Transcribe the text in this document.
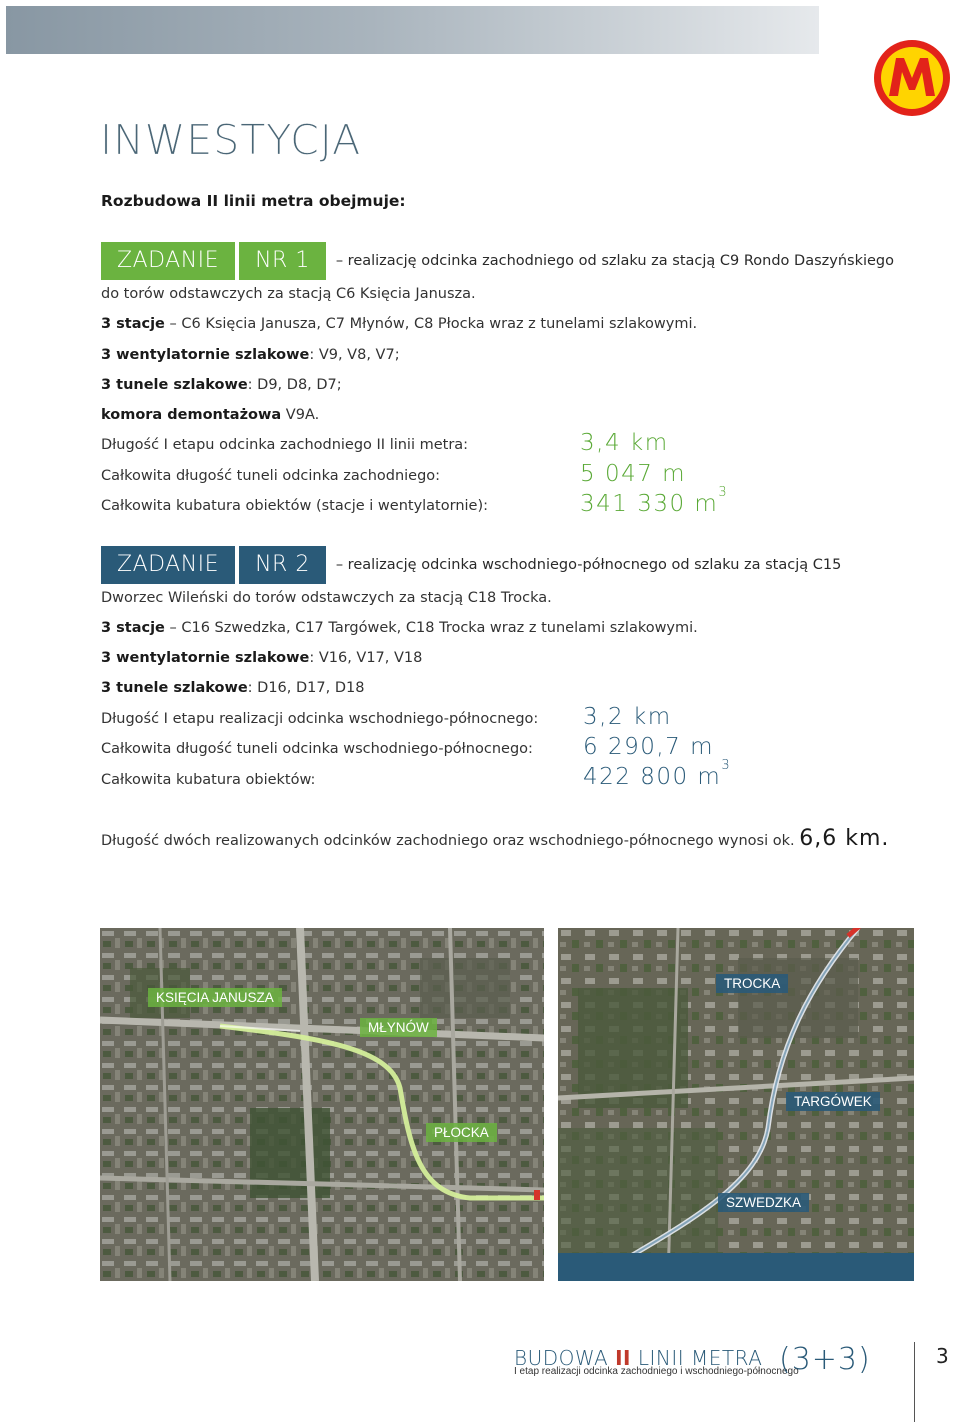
INWESTYCJA
Rozbudowa II linii metra obejmuje:
ZADANIE	NR 1	– realizację odcinka zachodniego od szlaku za stacją C9 Rondo Daszyńskiego
do torów odstawczych za stacją C6 Księcia Janusza.
3 stacje – C6 Księcia Janusza, C7 Młynów, C8 Płocka wraz z tunelami szlakowymi.
3 wentylatornie szlakowe: V9, V8, V7;
3 tunele szlakowe: D9, D8, D7;
komora demontażowa V9A.
Długość I etapu odcinka zachodniego II linii metra:	3,4 km
Całkowita długość tuneli odcinka zachodniego:	5 047 m
Całkowita kubatura obiektów (stacje i wentylatornie):	341 330 $m^3$
ZADANIE	NR 2	– realizację odcinka wschodniego-północnego od szlaku za stacją C15
Dworzec Wileński do torów odstawczych za stacją C18 Trocka.
3 stacje – C16 Szwedzka, C17 Targówek, C18 Trocka wraz z tunelami szlakowymi.
3 wentylatornie szlakowe: V16, V17, V18
3 tunele szlakowe: D16, D17, D18
Długość I etapu realizacji odcinka wschodniego-północnego: 3,2 km
Całkowita długość tuneli odcinka wschodniego-północnego: 6 290,7 m
Całkowita kubatura obiektów:	422 800 $m^3$
Długość dwóch realizowanych odcinków zachodniego oraz wschodniego-północnego wynosi ok. 6,6 km.
KSIĘCIA JANUSZA
MŁYNÓW
PŁOCKA
TROCKA
TARGÓWEK
SZWEDZKA
BUDOWA II LINII METRA
I etap realizacji odcinka zachodniego i wschodniego-północnego
(3+3)	3
